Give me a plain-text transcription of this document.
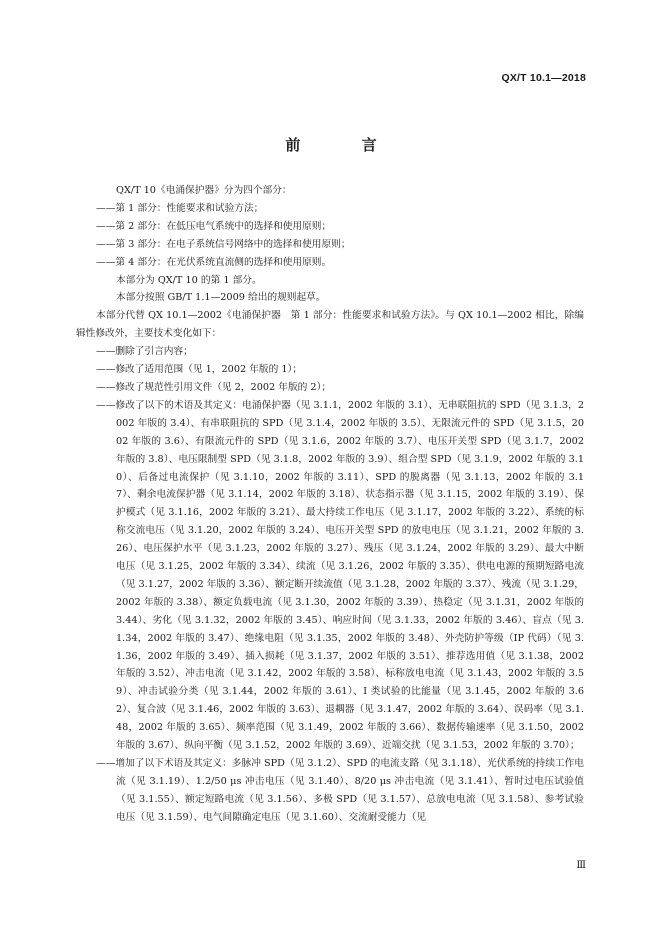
QX/T 10.1—2018
前 言
QX/T 10《电涌保护器》分为四个部分：
——第 1 部分：性能要求和试验方法；
——第 2 部分：在低压电气系统中的选择和使用原则；
——第 3 部分：在电子系统信号网络中的选择和使用原则；
——第 4 部分：在光伏系统直流侧的选择和使用原则。
本部分为 QX/T 10 的第 1 部分。
本部分按照 GB/T 1.1—2009 给出的规则起草。
本部分代替 QX 10.1—2002《电涌保护器　第 1 部分：性能要求和试验方法》。与 QX 10.1—2002 相比，除编辑性修改外，主要技术变化如下：
——删除了引言内容；
——修改了适用范围（见 1，2002 年版的 1）；
——修改了规范性引用文件（见 2，2002 年版的 2）；
——修改了以下的术语及其定义：电涌保护器（见 3.1.1，2002 年版的 3.1）、无串联阻抗的 SPD（见 3.1.3，2002 年版的 3.4）、有串联阻抗的 SPD（见 3.1.4，2002 年版的 3.5）、无限流元件的 SPD（见 3.1.5，2002 年版的 3.6）、有限流元件的 SPD（见 3.1.6，2002 年版的 3.7）、电压开关型 SPD（见 3.1.7，2002 年版的 3.8）、电压限制型 SPD（见 3.1.8，2002 年版的 3.9）、组合型 SPD（见 3.1.9，2002 年版的 3.10）、后备过电流保护（见 3.1.10，2002 年版的 3.11）、SPD 的脱离器（见 3.1.13，2002 年版的 3.17）、剩余电流保护器（见 3.1.14，2002 年版的 3.18）、状态指示器（见 3.1.15，2002 年版的 3.19）、保护模式（见 3.1.16，2002 年版的 3.21）、最大持续工作电压（见 3.1.17，2002 年版的 3.22）、系统的标称交流电压（见 3.1.20，2002 年版的 3.24）、电压开关型 SPD 的放电电压（见 3.1.21，2002 年版的 3.26）、电压保护水平（见 3.1.23，2002 年版的 3.27）、残压（见 3.1.24，2002 年版的 3.29）、最大中断电压（见 3.1.25，2002 年版的 3.34）、续流（见 3.1.26，2002 年版的 3.35）、供电电源的预期短路电流（见 3.1.27，2002 年版的 3.36）、额定断开续流值（见 3.1.28，2002 年版的 3.37）、残流（见 3.1.29，2002 年版的 3.38）、额定负载电流（见 3.1.30，2002 年版的 3.39）、热稳定（见 3.1.31，2002 年版的 3.44）、劣化（见 3.1.32，2002 年版的 3.45）、响应时间（见 3.1.33，2002 年版的 3.46）、盲点（见 3.1.34，2002 年版的 3.47）、绝缘电阻（见 3.1.35，2002 年版的 3.48）、外壳防护等级（IP 代码）（见 3.1.36，2002 年版的 3.49）、插入损耗（见 3.1.37，2002 年版的 3.51）、推荐选用值（见 3.1.38，2002 年版的 3.52）、冲击电流（见 3.1.42，2002 年版的 3.58）、标称放电电流（见 3.1.43，2002 年版的 3.59）、冲击试验分类（见 3.1.44，2002 年版的 3.61）、I 类试验的比能量（见 3.1.45，2002 年版的 3.62）、复合波（见 3.1.46，2002 年版的 3.63）、退耦器（见 3.1.47，2002 年版的 3.64）、误码率（见 3.1.48，2002 年版的 3.65）、频率范围（见 3.1.49，2002 年版的 3.66）、数据传输速率（见 3.1.50，2002 年版的 3.67）、纵向平衡（见 3.1.52，2002 年版的 3.69）、近端交扰（见 3.1.53，2002 年版的 3.70）；
——增加了以下术语及其定义：多脉冲 SPD（见 3.1.2）、SPD 的电流支路（见 3.1.18）、光伏系统的持续工作电流（见 3.1.19）、1.2/50 μs 冲击电压（见 3.1.40）、8/20 μs 冲击电流（见 3.1.41）、暂时过电压试验值（见 3.1.55）、额定短路电流（见 3.1.56）、多极 SPD（见 3.1.57）、总放电电流（见 3.1.58）、参考试验电压（见 3.1.59）、电气间隙确定电压（见 3.1.60）、交流耐受能力（见
Ⅲ
